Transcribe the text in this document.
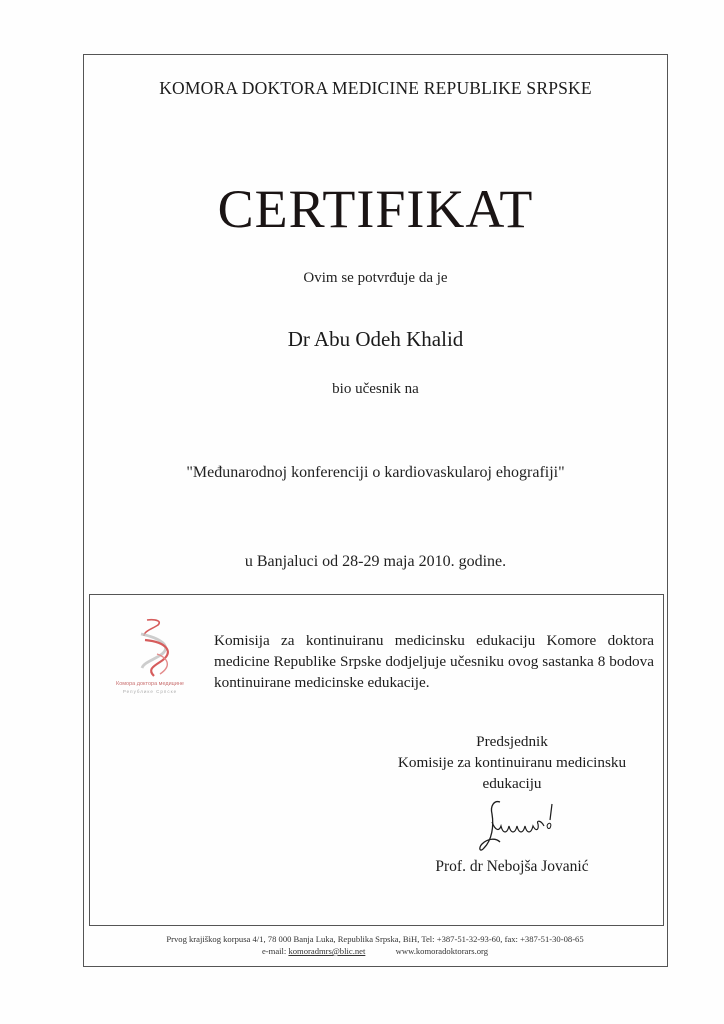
KOMORA DOKTORA MEDICINE REPUBLIKE SRPSKE
CERTIFIKAT
Ovim se potvrđuje da je
Dr Abu Odeh Khalid
bio učesnik na
"Međunarodnoj konferenciji o kardiovaskularoj ehografiji"
u Banjaluci od 28-29 maja 2010. godine.
Комора доктора медицине
Републике Српске
Komisija za kontinuiranu medicinsku edukaciju Komore doktora medicine Republike Srpske dodjeljuje učesniku ovog sastanka 8 bodova kontinuirane medicinske edukacije.
Predsjednik
Komisije za kontinuiranu medicinsku
edukaciju
Prof. dr Nebojša Jovanić
Prvog krajiškog korpusa 4/1, 78 000 Banja Luka, Republika Srpska, BiH, Tel: +387-51-32-93-60, fax: +387-51-30-08-65
e-mail: komoradmrs@blic.net	www.komoradoktorars.org
